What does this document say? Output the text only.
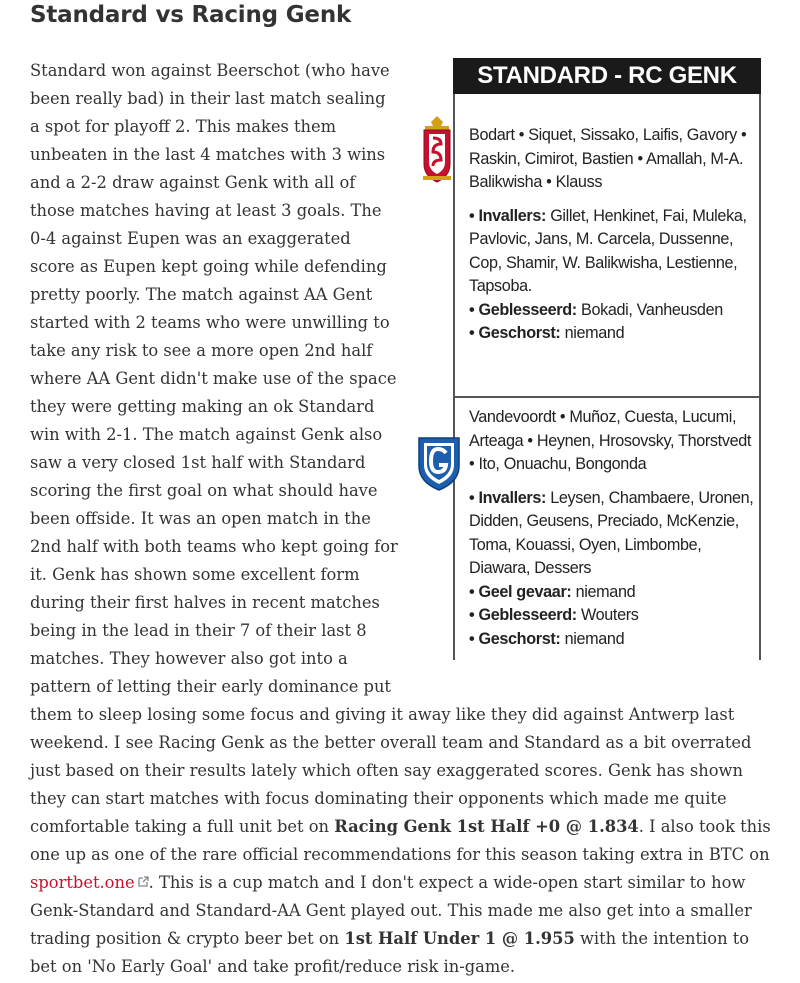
Standard vs Racing Genk

Standard won against Beerschot (who have been really bad) in their last match sealing a spot for playoff 2. This makes them unbeaten in the last 4 matches with 3 wins and a 2-2 draw against Genk with all of those matches having at least 3 goals. The 0-4 against Eupen was an exaggerated score as Eupen kept going while defending pretty poorly. The match against AA Gent started with 2 teams who were unwilling to take any risk to see a more open 2nd half where AA Gent didn't make use of the space they were getting making an ok Standard win with 2-1. The match against Genk also saw a very closed 1st half with Standard scoring the first goal on what should have been offside. It was an open match in the 2nd half with both teams who kept going for it. Genk has shown some excellent form during their first halves in recent matches being in the lead in their 7 of their last 8 matches. They however also got into a pattern of letting their early dominance put them to sleep losing some focus and giving it away like they did against Antwerp last weekend. I see Racing Genk as the better overall team and Standard as a bit overrated just based on their results lately which often say exaggerated scores. Genk has shown they can start matches with focus dominating their opponents which made me quite comfortable taking a full unit bet on Racing Genk 1st Half +0 @ 1.834. I also took this one up as one of the rare official recommendations for this season taking extra in BTC on sportbet.one . This is a cup match and I don't expect a wide-open start similar to how Genk-Standard and Standard-AA Gent played out. This made me also get into a smaller trading position & crypto beer bet on 1st Half Under 1 @ 1.955 with the intention to bet on 'No Early Goal' and take profit/reduce risk in-game.

STANDARD - RC GENK

Bodart • Siquet, Sissako, Laifis, Gavory • Raskin, Cimirot, Bastien • Amallah, M-A. Balikwisha • Klauss

• Invallers: Gillet, Henkinet, Fai, Muleka, Pavlovic, Jans, M. Carcela, Dussenne, Cop, Shamir, W. Balikwisha, Lestienne, Tapsoba.

• Geblesseerd: Bokadi, Vanheusden

• Geschorst: niemand

Vandevoordt • Muñoz, Cuesta, Lucumi, Arteaga • Heynen, Hrosovsky, Thorstvedt • Ito, Onuachu, Bongonda

• Invallers: Leysen, Chambaere, Uronen, Didden, Geusens, Preciado, McKenzie, Toma, Kouassi, Oyen, Limbombe, Diawara, Dessers

• Geel gevaar: niemand

• Geblesseerd: Wouters

• Geschorst: niemand
